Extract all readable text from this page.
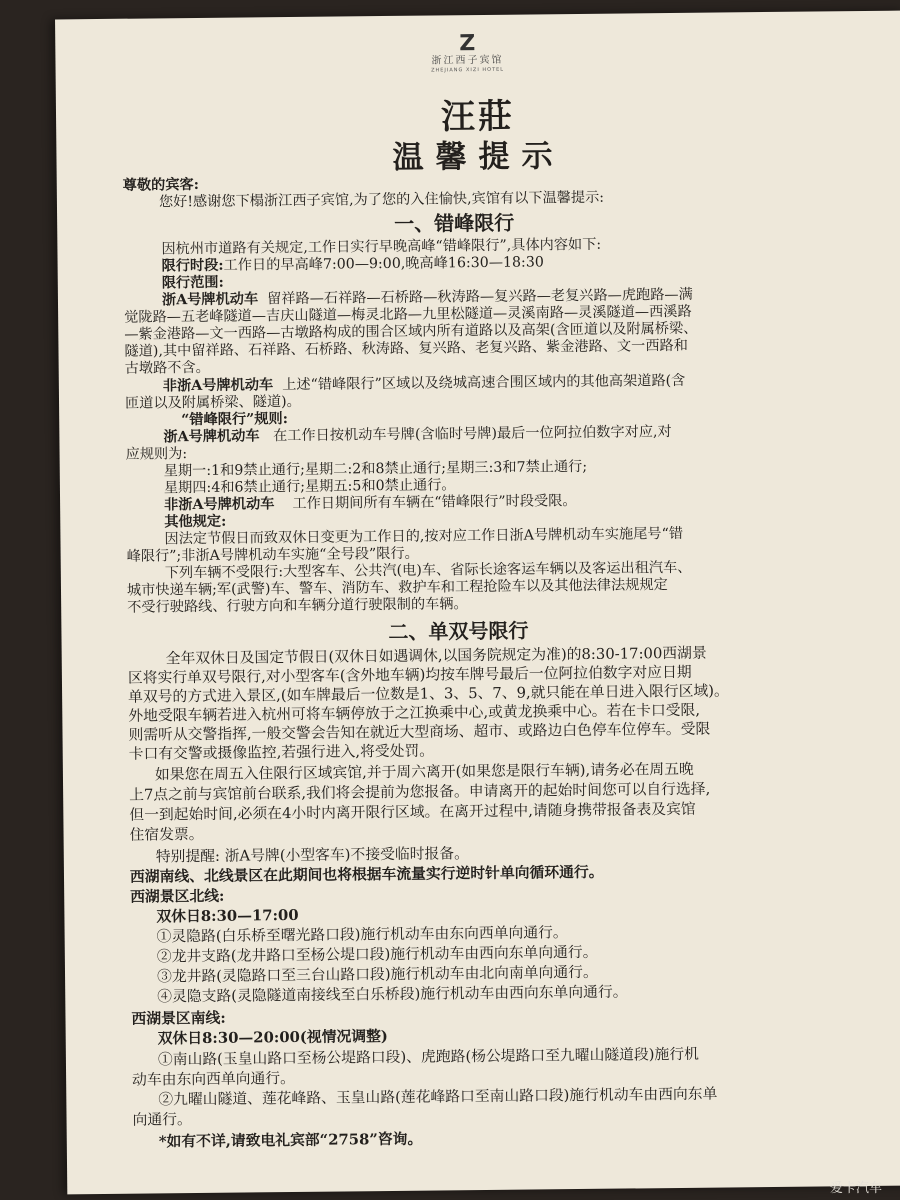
Z
浙江西子宾馆
ZHEJIANG XIZI HOTEL
汪莊
温馨提示
尊敬的宾客:
您好!感谢您下榻浙江西子宾馆,为了您的入住愉快,宾馆有以下温馨提示:
一、错峰限行
因杭州市道路有关规定,工作日实行早晚高峰“错峰限行”,具体内容如下:
限行时段:工作日的早高峰7:00—9:00,晚高峰16:30—18:30
限行范围:
浙A号牌机动车 留祥路—石祥路—石桥路—秋涛路—复兴路—老复兴路—虎跑路—满
觉陇路—五老峰隧道—吉庆山隧道—梅灵北路—九里松隧道—灵溪南路—灵溪隧道—西溪路
—紫金港路—文一西路—古墩路构成的围合区域内所有道路以及高架(含匝道以及附属桥梁、
隧道),其中留祥路、石祥路、石桥路、秋涛路、复兴路、老复兴路、紫金港路、文一西路和
古墩路不含。
非浙A号牌机动车 上述“错峰限行”区域以及绕城高速合围区域内的其他高架道路(含
匝道以及附属桥梁、隧道)。
“错峰限行”规则:
浙A号牌机动车 在工作日按机动车号牌(含临时号牌)最后一位阿拉伯数字对应,对
应规则为:
星期一:1和9禁止通行;星期二:2和8禁止通行;星期三:3和7禁止通行;
星期四:4和6禁止通行;星期五:5和0禁止通行。
非浙A号牌机动车 工作日期间所有车辆在“错峰限行”时段受限。
其他规定:
因法定节假日而致双休日变更为工作日的,按对应工作日浙A号牌机动车实施尾号“错
峰限行”;非浙A号牌机动车实施“全号段”限行。
下列车辆不受限行:大型客车、公共汽(电)车、省际长途客运车辆以及客运出租汽车、
城市快递车辆;军(武警)车、警车、消防车、救护车和工程抢险车以及其他法律法规规定
不受行驶路线、行驶方向和车辆分道行驶限制的车辆。
二、单双号限行
全年双休日及国定节假日(双休日如遇调休,以国务院规定为准)的8:30-17:00西湖景
区将实行单双号限行,对小型客车(含外地车辆)均按车牌号最后一位阿拉伯数字对应日期
单双号的方式进入景区,(如车牌最后一位数是1、3、5、7、9,就只能在单日进入限行区域)。
外地受限车辆若进入杭州可将车辆停放于之江换乘中心,或黄龙换乘中心。若在卡口受限,
则需听从交警指挥,一般交警会告知在就近大型商场、超市、或路边白色停车位停车。受限
卡口有交警或摄像监控,若强行进入,将受处罚。
如果您在周五入住限行区域宾馆,并于周六离开(如果您是限行车辆),请务必在周五晚
上7点之前与宾馆前台联系,我们将会提前为您报备。申请离开的起始时间您可以自行选择,
但一到起始时间,必须在4小时内离开限行区域。在离开过程中,请随身携带报备表及宾馆
住宿发票。
特别提醒: 浙A号牌(小型客车)不接受临时报备。
西湖南线、北线景区在此期间也将根据车流量实行逆时针单向循环通行。
西湖景区北线:
双休日8:30—17:00
①灵隐路(白乐桥至曙光路口段)施行机动车由东向西单向通行。
②龙井支路(龙井路口至杨公堤口段)施行机动车由西向东单向通行。
③龙井路(灵隐路口至三台山路口段)施行机动车由北向南单向通行。
④灵隐支路(灵隐隧道南接线至白乐桥段)施行机动车由西向东单向通行。
西湖景区南线:
双休日8:30—20:00(视情况调整)
①南山路(玉皇山路口至杨公堤路口段)、虎跑路(杨公堤路口至九曜山隧道段)施行机
动车由东向西单向通行。
②九曜山隧道、莲花峰路、玉皇山路(莲花峰路口至南山路口段)施行机动车由西向东单
向通行。
*如有不详,请致电礼宾部“2758”咨询。
爱卡汽车
